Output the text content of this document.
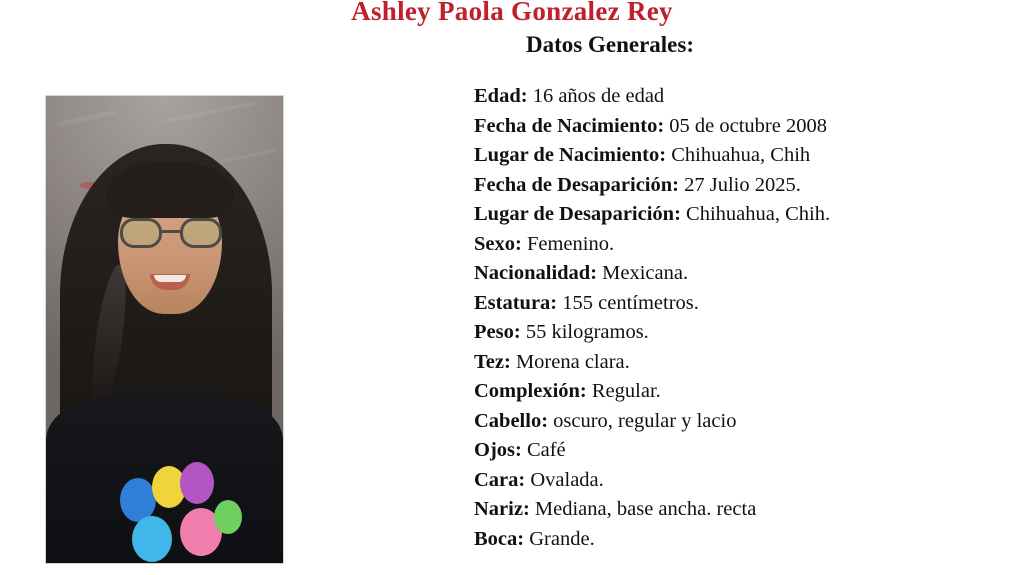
Ashley Paola Gonzalez Rey
Datos Generales:
Edad: 16 años de edad
Fecha de Nacimiento: 05 de octubre 2008
Lugar de Nacimiento: Chihuahua, Chih
Fecha de Desaparición: 27 Julio 2025.
Lugar de Desaparición: Chihuahua, Chih.
Sexo: Femenino.
Nacionalidad: Mexicana.
Estatura: 155 centímetros.
Peso: 55 kilogramos.
Tez: Morena clara.
Complexión: Regular.
Cabello: oscuro, regular y lacio
Ojos: Café
Cara: Ovalada.
Nariz: Mediana, base ancha. recta
Boca: Grande.
